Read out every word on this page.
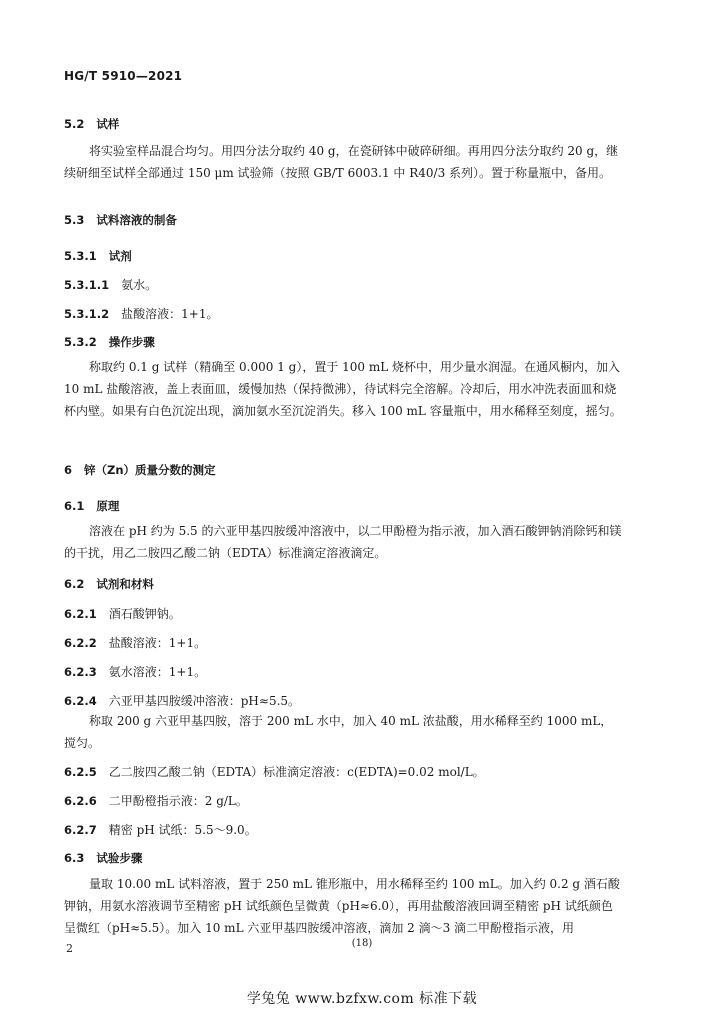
HG/T 5910—2021
5.2 试样
将实验室样品混合均匀。用四分法分取约 40 g，在瓷研钵中破碎研细。再用四分法分取约 20 g，继续研细至试样全部通过 150 μm 试验筛（按照 GB/T 6003.1 中 R40/3 系列）。置于称量瓶中，备用。
5.3 试料溶液的制备
5.3.1 试剂
5.3.1.1 氨水。
5.3.1.2 盐酸溶液：1+1。
5.3.2 操作步骤
称取约 0.1 g 试样（精确至 0.000 1 g），置于 100 mL 烧杯中，用少量水润湿。在通风橱内，加入 10 mL 盐酸溶液，盖上表面皿，缓慢加热（保持微沸），待试料完全溶解。冷却后，用水冲洗表面皿和烧杯内壁。如果有白色沉淀出现，滴加氨水至沉淀消失。移入 100 mL 容量瓶中，用水稀释至刻度，摇匀。
6 锌（Zn）质量分数的测定
6.1 原理
溶液在 pH 约为 5.5 的六亚甲基四胺缓冲溶液中，以二甲酚橙为指示液，加入酒石酸钾钠消除钙和镁的干扰，用乙二胺四乙酸二钠（EDTA）标准滴定溶液滴定。
6.2 试剂和材料
6.2.1 酒石酸钾钠。
6.2.2 盐酸溶液：1+1。
6.2.3 氨水溶液：1+1。
6.2.4 六亚甲基四胺缓冲溶液：pH≈5.5。
称取 200 g 六亚甲基四胺，溶于 200 mL 水中，加入 40 mL 浓盐酸，用水稀释至约 1000 mL，搅匀。
6.2.5 乙二胺四乙酸二钠（EDTA）标准滴定溶液：c(EDTA)=0.02 mol/L。
6.2.6 二甲酚橙指示液：2 g/L。
6.2.7 精密 pH 试纸：5.5～9.0。
6.3 试验步骤
量取 10.00 mL 试料溶液，置于 250 mL 锥形瓶中，用水稀释至约 100 mL。加入约 0.2 g 酒石酸钾钠，用氨水溶液调节至精密 pH 试纸颜色呈微黄（pH≈6.0），再用盐酸溶液回调至精密 pH 试纸颜色呈微红（pH≈5.5）。加入 10 mL 六亚甲基四胺缓冲溶液，滴加 2 滴～3 滴二甲酚橙指示液，用
2	(18)
学兔兔 www.bzfxw.com 标准下载
